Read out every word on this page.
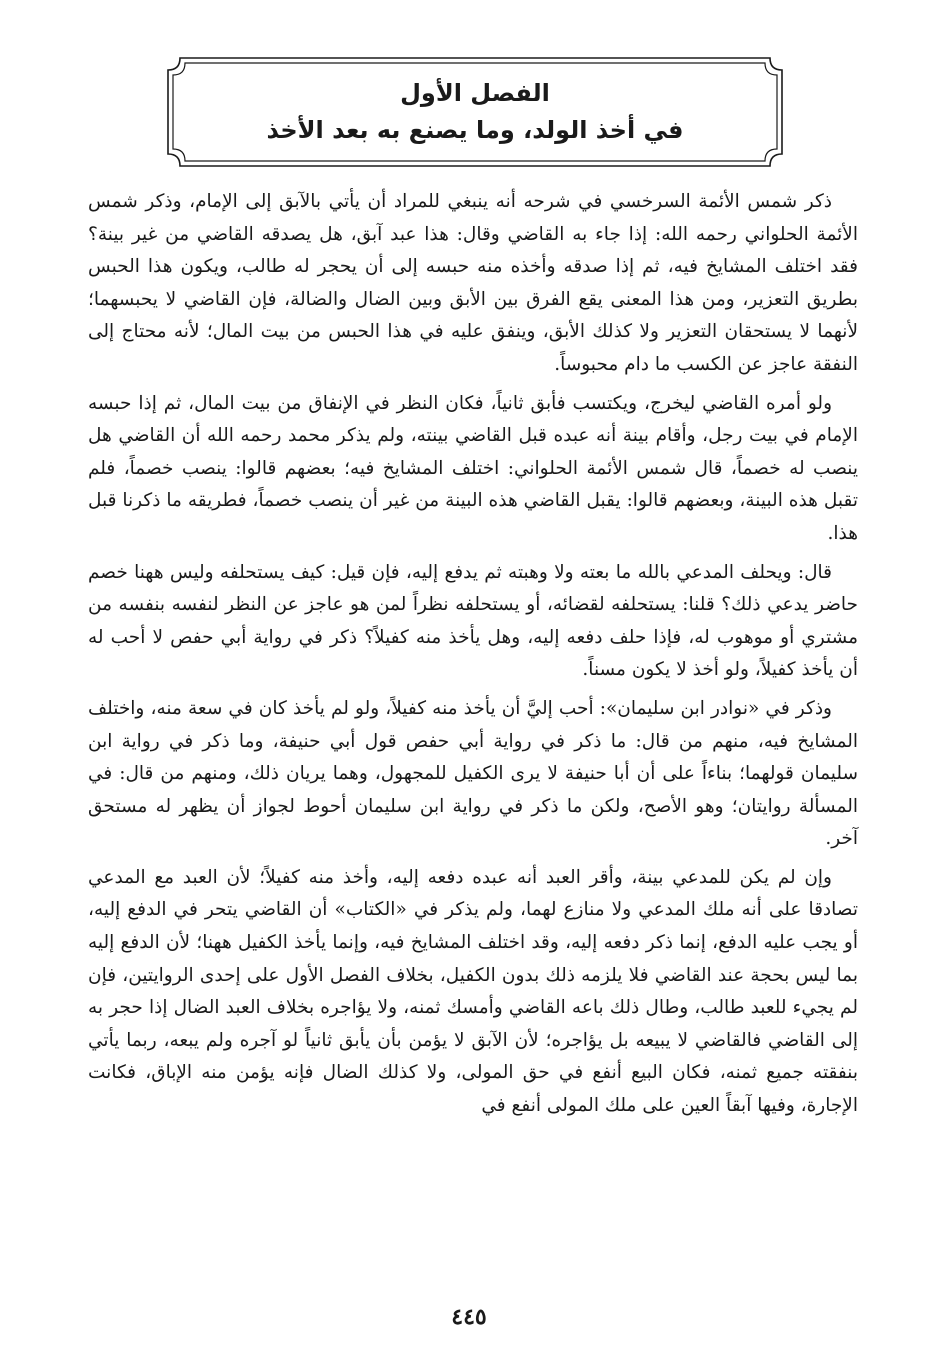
الفصل الأول
في أخذ الولد، وما يصنع به بعد الأخذ

ذكر شمس الأئمة السرخسي في شرحه أنه ينبغي للمراد أن يأتي بالآبق إلى الإمام، وذكر شمس الأئمة الحلواني رحمه الله: إذا جاء به القاضي وقال: هذا عبد آبق، هل يصدقه القاضي من غير بينة؟ فقد اختلف المشايخ فيه، ثم إذا صدقه وأخذه منه حبسه إلى أن يحجر له طالب، ويكون هذا الحبس بطريق التعزير، ومن هذا المعنى يقع الفرق بين الأبق وبين الضال والضالة، فإن القاضي لا يحبسهما؛ لأنهما لا يستحقان التعزير ولا كذلك الأبق، وينفق عليه في هذا الحبس من بيت المال؛ لأنه محتاج إلى النفقة عاجز عن الكسب ما دام محبوساً.

ولو أمره القاضي ليخرج، ويكتسب فأبق ثانياً، فكان النظر في الإنفاق من بيت المال، ثم إذا حبسه الإمام في بيت رجل، وأقام بينة أنه عبده قبل القاضي بينته، ولم يذكر محمد رحمه الله أن القاضي هل ينصب له خصماً، قال شمس الأئمة الحلواني: اختلف المشايخ فيه؛ بعضهم قالوا: ينصب خصماً، فلم تقبل هذه البينة، وبعضهم قالوا: يقبل القاضي هذه البينة من غير أن ينصب خصماً، فطريقه ما ذكرنا قبل هذا.

قال: ويحلف المدعي بالله ما بعته ولا وهبته ثم يدفع إليه، فإن قيل: كيف يستحلفه وليس ههنا خصم حاضر يدعي ذلك؟ قلنا: يستحلفه لقضائه، أو يستحلفه نظراً لمن هو عاجز عن النظر لنفسه بنفسه من مشتري أو موهوب له، فإذا حلف دفعه إليه، وهل يأخذ منه كفيلاً؟ ذكر في رواية أبي حفص لا أحب له أن يأخذ كفيلاً، ولو أخذ لا يكون مسناً.

وذكر في «نوادر ابن سليمان»: أحب إليَّ أن يأخذ منه كفيلاً، ولو لم يأخذ كان في سعة منه، واختلف المشايخ فيه، منهم من قال: ما ذكر في رواية أبي حفص قول أبي حنيفة، وما ذكر في رواية ابن سليمان قولهما؛ بناءاً على أن أبا حنيفة لا يرى الكفيل للمجهول، وهما يريان ذلك، ومنهم من قال: في المسألة روايتان؛ وهو الأصح، ولكن ما ذكر في رواية ابن سليمان أحوط لجواز أن يظهر له مستحق آخر.

وإن لم يكن للمدعي بينة، وأقر العبد أنه عبده دفعه إليه، وأخذ منه كفيلاً؛ لأن العبد مع المدعي تصادقا على أنه ملك المدعي ولا منازع لهما، ولم يذكر في «الكتاب» أن القاضي يتحر في الدفع إليه، أو يجب عليه الدفع، إنما ذكر دفعه إليه، وقد اختلف المشايخ فيه، وإنما يأخذ الكفيل ههنا؛ لأن الدفع إليه بما ليس بحجة عند القاضي فلا يلزمه ذلك بدون الكفيل، بخلاف الفصل الأول على إحدى الروايتين، فإن لم يجيء للعبد طالب، وطال ذلك باعه القاضي وأمسك ثمنه، ولا يؤاجره بخلاف العبد الضال إذا حجر به إلى القاضي فالقاضي لا يبيعه بل يؤاجره؛ لأن الآبق لا يؤمن بأن يأبق ثانياً لو آجره ولم يبعه، ربما يأتي بنفقته جميع ثمنه، فكان البيع أنفع في حق المولى، ولا كذلك الضال فإنه يؤمن منه الإباق، فكانت الإجارة، وفيها آبقاً العين على ملك المولى أنفع في

٤٤٥
